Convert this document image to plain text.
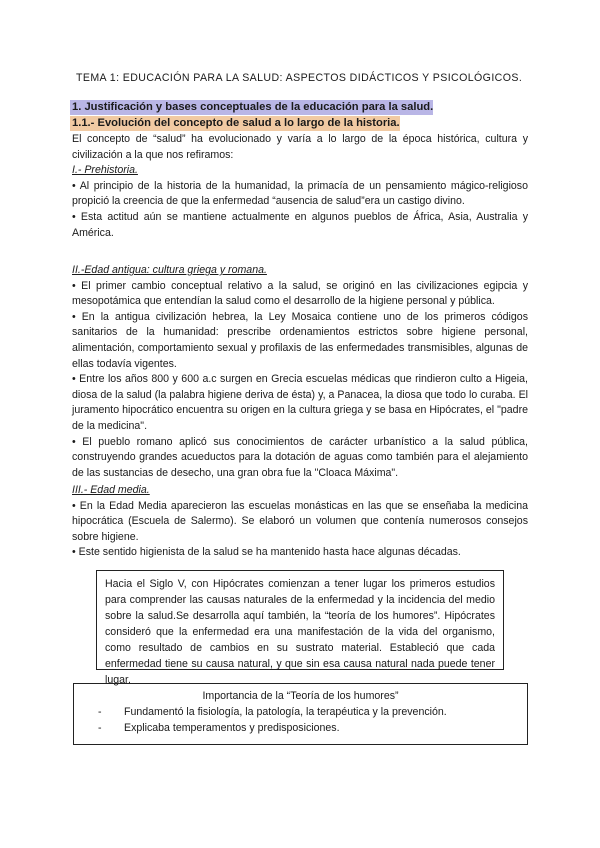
TEMA 1: EDUCACIÓN PARA LA SALUD: ASPECTOS DIDÁCTICOS Y PSICOLÓGICOS.
1. Justificación y bases conceptuales de la educación para la salud.
1.1.- Evolución del concepto de salud a lo largo de la historia.

El concepto de “salud” ha evolucionado y varía a lo largo de la época histórica, cultura y civilización a la que nos refiramos:

I.- Prehistoria.

• Al principio de la historia de la humanidad, la primacía de un pensamiento mágico-religioso propició la creencia de que la enfermedad “ausencia de salud”era un castigo divino.

• Esta actitud aún se mantiene actualmente en algunos pueblos de África, Asia, Australia y América.

II.-Edad antigua: cultura griega y romana.

• El primer cambio conceptual relativo a la salud, se originó en las civilizaciones egipcia y mesopotámica que entendían la salud como el desarrollo de la higiene personal y pública.

• En la antigua civilización hebrea, la Ley Mosaica contiene uno de los primeros códigos sanitarios de la humanidad: prescribe ordenamientos estrictos sobre higiene personal, alimentación, comportamiento sexual y profilaxis de las enfermedades transmisibles, algunas de ellas todavía vigentes.

• Entre los años 800 y 600 a.c surgen en Grecia escuelas médicas que rindieron culto a Higeia, diosa de la salud (la palabra higiene deriva de ésta) y, a Panacea, la diosa que todo lo curaba. El juramento hipocrático encuentra su origen en la cultura griega y se basa en Hipócrates, el "padre de la medicina".

• El pueblo romano aplicó sus conocimientos de carácter urbanístico a la salud pública, construyendo grandes acueductos para la dotación de aguas como también para el alejamiento de las sustancias de desecho, una gran obra fue la "Cloaca Máxima".

III.- Edad media.

• En la Edad Media aparecieron las escuelas monásticas en las que se enseñaba la medicina hipocrática (Escuela de Salermo). Se elaboró un volumen que contenía numerosos consejos sobre higiene.

• Este sentido higienista de la salud se ha mantenido hasta hace algunas décadas.

Hacia el Siglo V, con Hipócrates comienzan a tener lugar los primeros estudios para comprender las causas naturales de la enfermedad y la incidencia del medio sobre la salud.Se desarrolla aquí también, la “teoría de los humores”. Hipócrates consideró que la enfermedad era una manifestación de la vida del organismo, como resultado de cambios en su sustrato material. Estableció que cada enfermedad tiene su causa natural, y que sin esa causa natural nada puede tener lugar.

Importancia de la “Teoría de los humores”
- Fundamentó la fisiología, la patología, la terapéutica y la prevención.
- Explicaba temperamentos y predisposiciones.
